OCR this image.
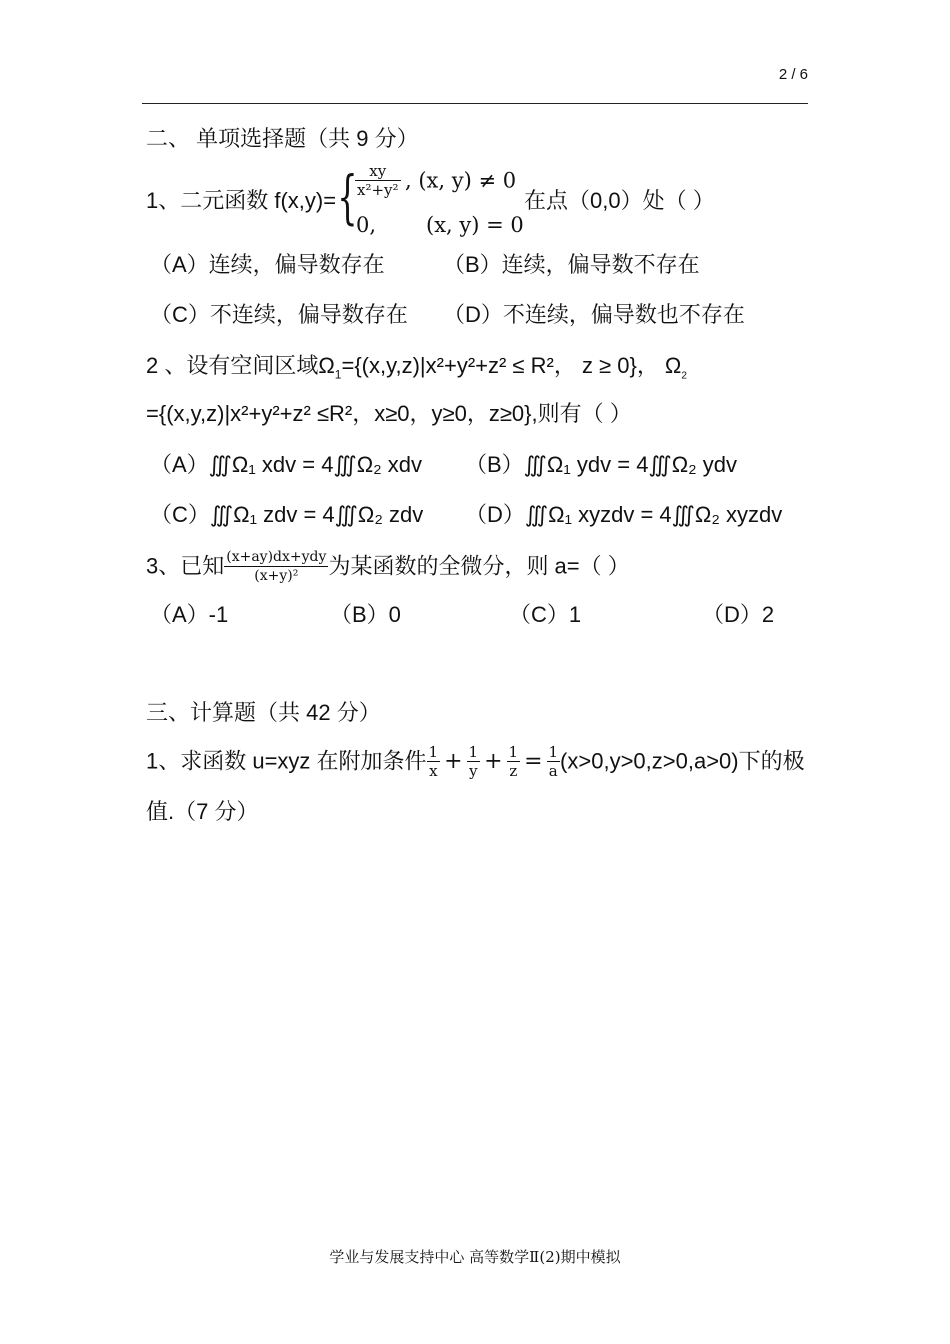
2 / 6
二、 单项选择题（共 9 分）
1、二元函数 f(x,y)= {
$\frac{xy}{\text{x²+y²}}$ , (x, y) ≠ 0
0, (x, y) = 0
在点（0,0）处（ ）
（A）连续，偏导数存在	（B）连续，偏导数不存在
（C）不连续，偏导数存在 （D）不连续，偏导数也不存在
2 、设有空间区域$\Omega_1=\{(x,y,z)|x^2+y^2+z^2 \le R^2$， z ≥ 0}， $\Omega_2$
={(x,y,z)|x²+y²+z² ≤R²，x≥0，y≥0，z≥0},则有（ ）
（A）∭Ω₁ xdv = 4∭Ω₂ xdv （B）∭Ω₁ ydv = 4∭Ω₂ ydv
（C）∭Ω₁ zdv = 4∭Ω₂ zdv （D）∭Ω₁ xyzdv = 4∭Ω₂ xyzdv
3、已知 $\frac{\text{(x+ay)dx+ydy}}{\text{(x+y)²}}$ 为某函数的全微分，则 a=（ ）
（A）-1	（B）0	（C）1	（D）2
三、计算题（共 42 分）
1、求函数 u=xyz 在附加条件 $\frac{1}{x} + \frac{1}{y} + \frac{1}{z} = \frac{1}{a} (x>0,y>0,z>0,a>0)$下的极
值.（7 分）
学业与发展支持中心 高等数学Ⅱ(2)期中模拟
